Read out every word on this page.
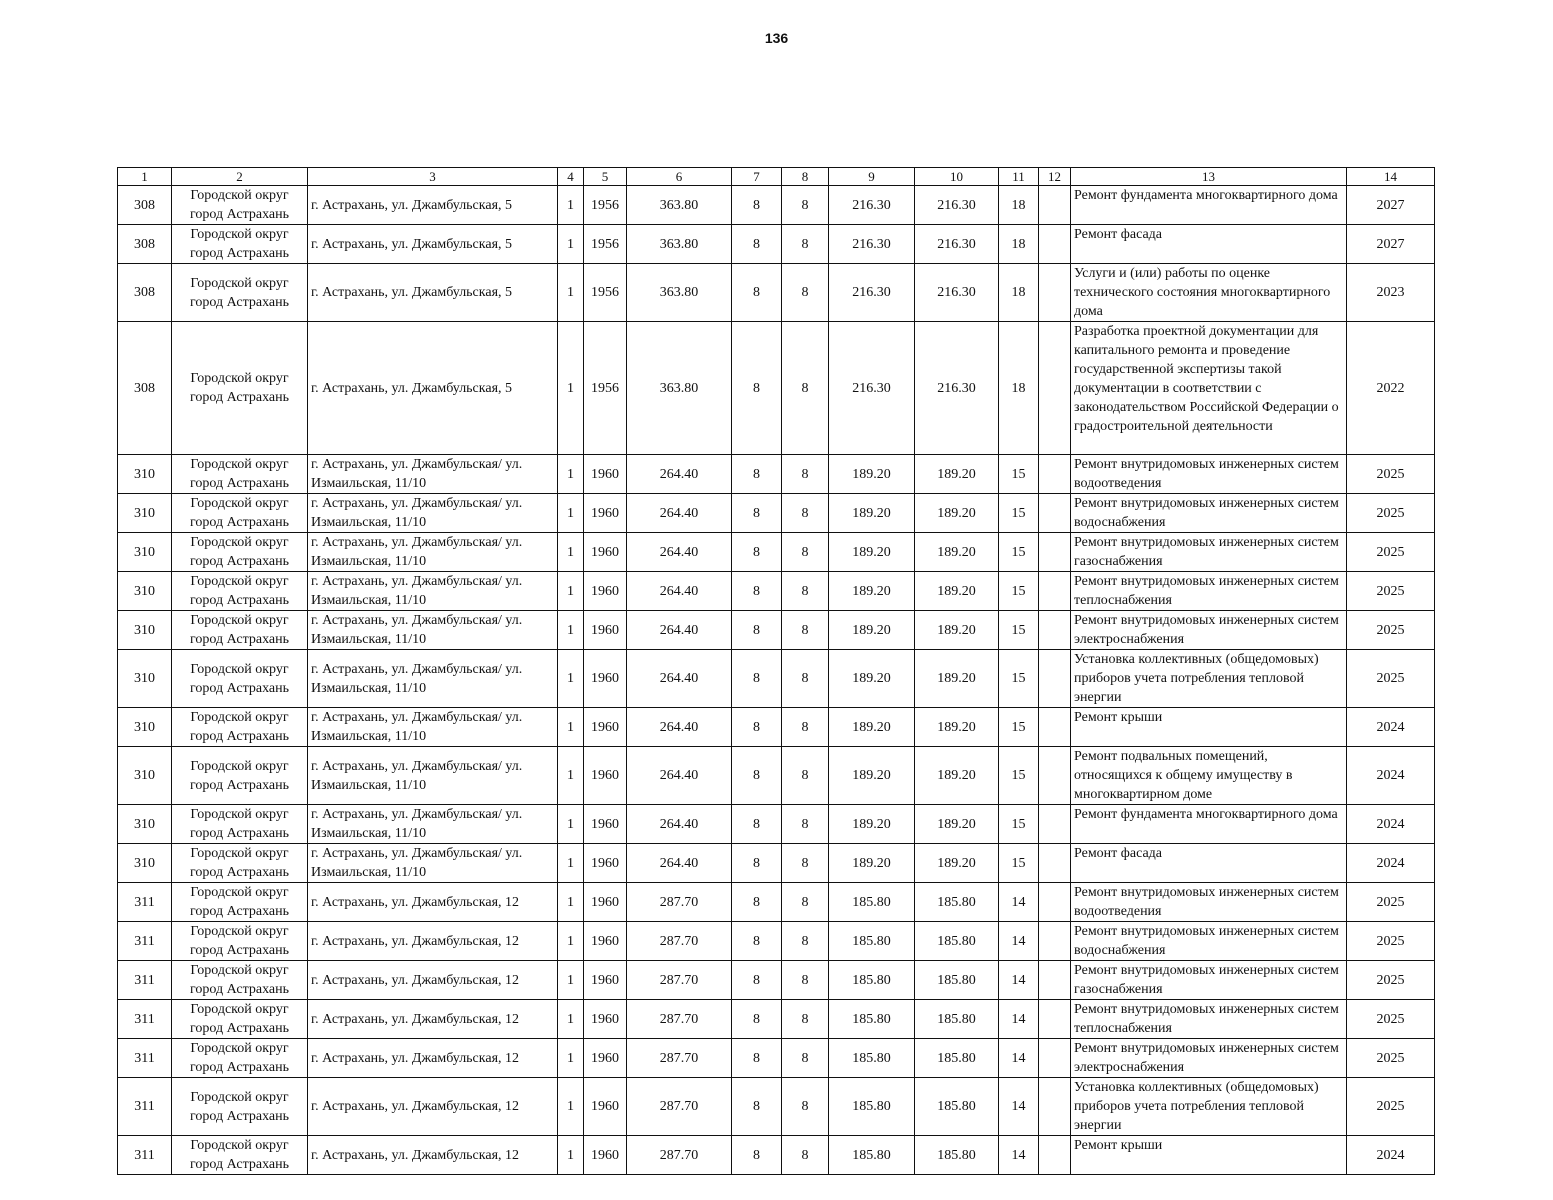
136
1	2	3	4	5	6	7	8	9	10	11	12	13	14
308	Городской округ город Астрахань	г. Астрахань, ул. Джамбульская, 5	1	1956	363.80	8	8	216.30	216.30	18		Ремонт фундамента многоквартирного дома	2027
308	Городской округ город Астрахань	г. Астрахань, ул. Джамбульская, 5	1	1956	363.80	8	8	216.30	216.30	18		Ремонт фасада	2027
308	Городской округ город Астрахань	г. Астрахань, ул. Джамбульская, 5	1	1956	363.80	8	8	216.30	216.30	18		Услуги и (или) работы по оценке технического состояния многоквартирного дома	2023
308	Городской округ город Астрахань	г. Астрахань, ул. Джамбульская, 5	1	1956	363.80	8	8	216.30	216.30	18		Разработка проектной документации для капитального ремонта и проведение государственной экспертизы такой документации в соответствии с законодательством Российской Федерации о градостроительной деятельности	2022
310	Городской округ город Астрахань	г. Астрахань, ул. Джамбульская/ ул. Измаильская, 11/10	1	1960	264.40	8	8	189.20	189.20	15		Ремонт внутридомовых инженерных систем водоотведения	2025
310	Городской округ город Астрахань	г. Астрахань, ул. Джамбульская/ ул. Измаильская, 11/10	1	1960	264.40	8	8	189.20	189.20	15		Ремонт внутридомовых инженерных систем водоснабжения	2025
310	Городской округ город Астрахань	г. Астрахань, ул. Джамбульская/ ул. Измаильская, 11/10	1	1960	264.40	8	8	189.20	189.20	15		Ремонт внутридомовых инженерных систем газоснабжения	2025
310	Городской округ город Астрахань	г. Астрахань, ул. Джамбульская/ ул. Измаильская, 11/10	1	1960	264.40	8	8	189.20	189.20	15		Ремонт внутридомовых инженерных систем теплоснабжения	2025
310	Городской округ город Астрахань	г. Астрахань, ул. Джамбульская/ ул. Измаильская, 11/10	1	1960	264.40	8	8	189.20	189.20	15		Ремонт внутридомовых инженерных систем электроснабжения	2025
310	Городской округ город Астрахань	г. Астрахань, ул. Джамбульская/ ул. Измаильская, 11/10	1	1960	264.40	8	8	189.20	189.20	15		Установка коллективных (общедомовых) приборов учета потребления тепловой энергии	2025
310	Городской округ город Астрахань	г. Астрахань, ул. Джамбульская/ ул. Измаильская, 11/10	1	1960	264.40	8	8	189.20	189.20	15		Ремонт крыши	2024
310	Городской округ город Астрахань	г. Астрахань, ул. Джамбульская/ ул. Измаильская, 11/10	1	1960	264.40	8	8	189.20	189.20	15		Ремонт подвальных помещений, относящихся к общему имуществу в многоквартирном доме	2024
310	Городской округ город Астрахань	г. Астрахань, ул. Джамбульская/ ул. Измаильская, 11/10	1	1960	264.40	8	8	189.20	189.20	15		Ремонт фундамента многоквартирного дома	2024
310	Городской округ город Астрахань	г. Астрахань, ул. Джамбульская/ ул. Измаильская, 11/10	1	1960	264.40	8	8	189.20	189.20	15		Ремонт фасада	2024
311	Городской округ город Астрахань	г. Астрахань, ул. Джамбульская, 12	1	1960	287.70	8	8	185.80	185.80	14		Ремонт внутридомовых инженерных систем водоотведения	2025
311	Городской округ город Астрахань	г. Астрахань, ул. Джамбульская, 12	1	1960	287.70	8	8	185.80	185.80	14		Ремонт внутридомовых инженерных систем водоснабжения	2025
311	Городской округ город Астрахань	г. Астрахань, ул. Джамбульская, 12	1	1960	287.70	8	8	185.80	185.80	14		Ремонт внутридомовых инженерных систем газоснабжения	2025
311	Городской округ город Астрахань	г. Астрахань, ул. Джамбульская, 12	1	1960	287.70	8	8	185.80	185.80	14		Ремонт внутридомовых инженерных систем теплоснабжения	2025
311	Городской округ город Астрахань	г. Астрахань, ул. Джамбульская, 12	1	1960	287.70	8	8	185.80	185.80	14		Ремонт внутридомовых инженерных систем электроснабжения	2025
311	Городской округ город Астрахань	г. Астрахань, ул. Джамбульская, 12	1	1960	287.70	8	8	185.80	185.80	14		Установка коллективных (общедомовых) приборов учета потребления тепловой энергии	2025
311	Городской округ город Астрахань	г. Астрахань, ул. Джамбульская, 12	1	1960	287.70	8	8	185.80	185.80	14		Ремонт крыши	2024
